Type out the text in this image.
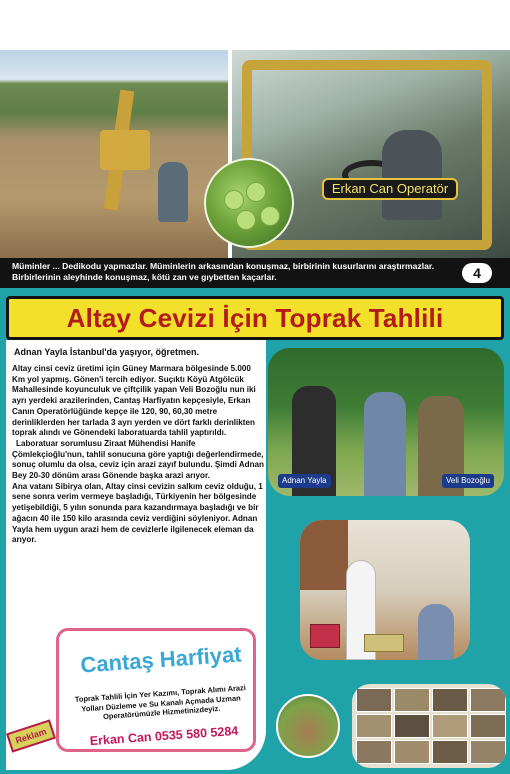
Erkan Can Operatör
Müminler ... Dedikodu yapmazlar. Müminlerin arkasından konuşmaz, birbirinin kusurlarını araştırmazlar. Birbirlerinin aleyhinde konuşmaz, kötü zan ve gıybetten kaçarlar.	4
Altay Cevizi İçin Toprak Tahlili
Adnan Yayla İstanbul'da yaşıyor, öğretmen.

Altay cinsi ceviz üretimi için Güney Marmara bölgesinde 5.000 Km yol yapmış. Gönen'i tercih ediyor. Suçıktı Köyü Atgölcük Mahallesinde koyunculuk ve çiftçilik yapan Veli Bozoğlu nun iki ayrı yerdeki arazilerinden, Cantaş Harfiyatın kepçesiyle, Erkan Canın Operatörlüğünde kepçe ile 120, 90, 60,30 metre derinliklerden her tarlada 3 ayrı yerden ve dört farklı derinlikten toprak alındı ve Gönendeki laboratuarda tahlil yaptırıldı.

Laboratuar sorumlusu Ziraat Mühendisi Hanife Çömlekçioğlu'nun, tahlil sonucuna göre yaptığı değerlendirmede, sonuç olumlu da olsa, ceviz için arazi zayıf bulundu. Şimdi Adnan Bey 20-30 dönüm arası Gönende başka arazi arıyor.

Ana vatanı Sibirya olan, Altay cinsi cevizin salkım ceviz olduğu, 1 sene sonra verim vermeye başladığı, Türkiyenin her bölgesinde yetişebildiği, 5 yılın sonunda para kazandırmaya başladığı ve bir ağacın 40 ile 150 kilo arasında ceviz verdiğini söyleniyor. Adnan Yayla hem uygun arazi hem de cevizlerle ilgilenecek eleman da arıyor.

Adnan Yayla	Veli Bozoğlu
Cantaş Harfiyat
Toprak Tahlili İçin Yer Kazımı, Toprak Alımı Arazi Yolları Düzleme ve Su Kanalı Açmada Uzman Operatörümüzle Hizmetinizdeyiz.
Erkan Can 0535 580 5284
Reklam
